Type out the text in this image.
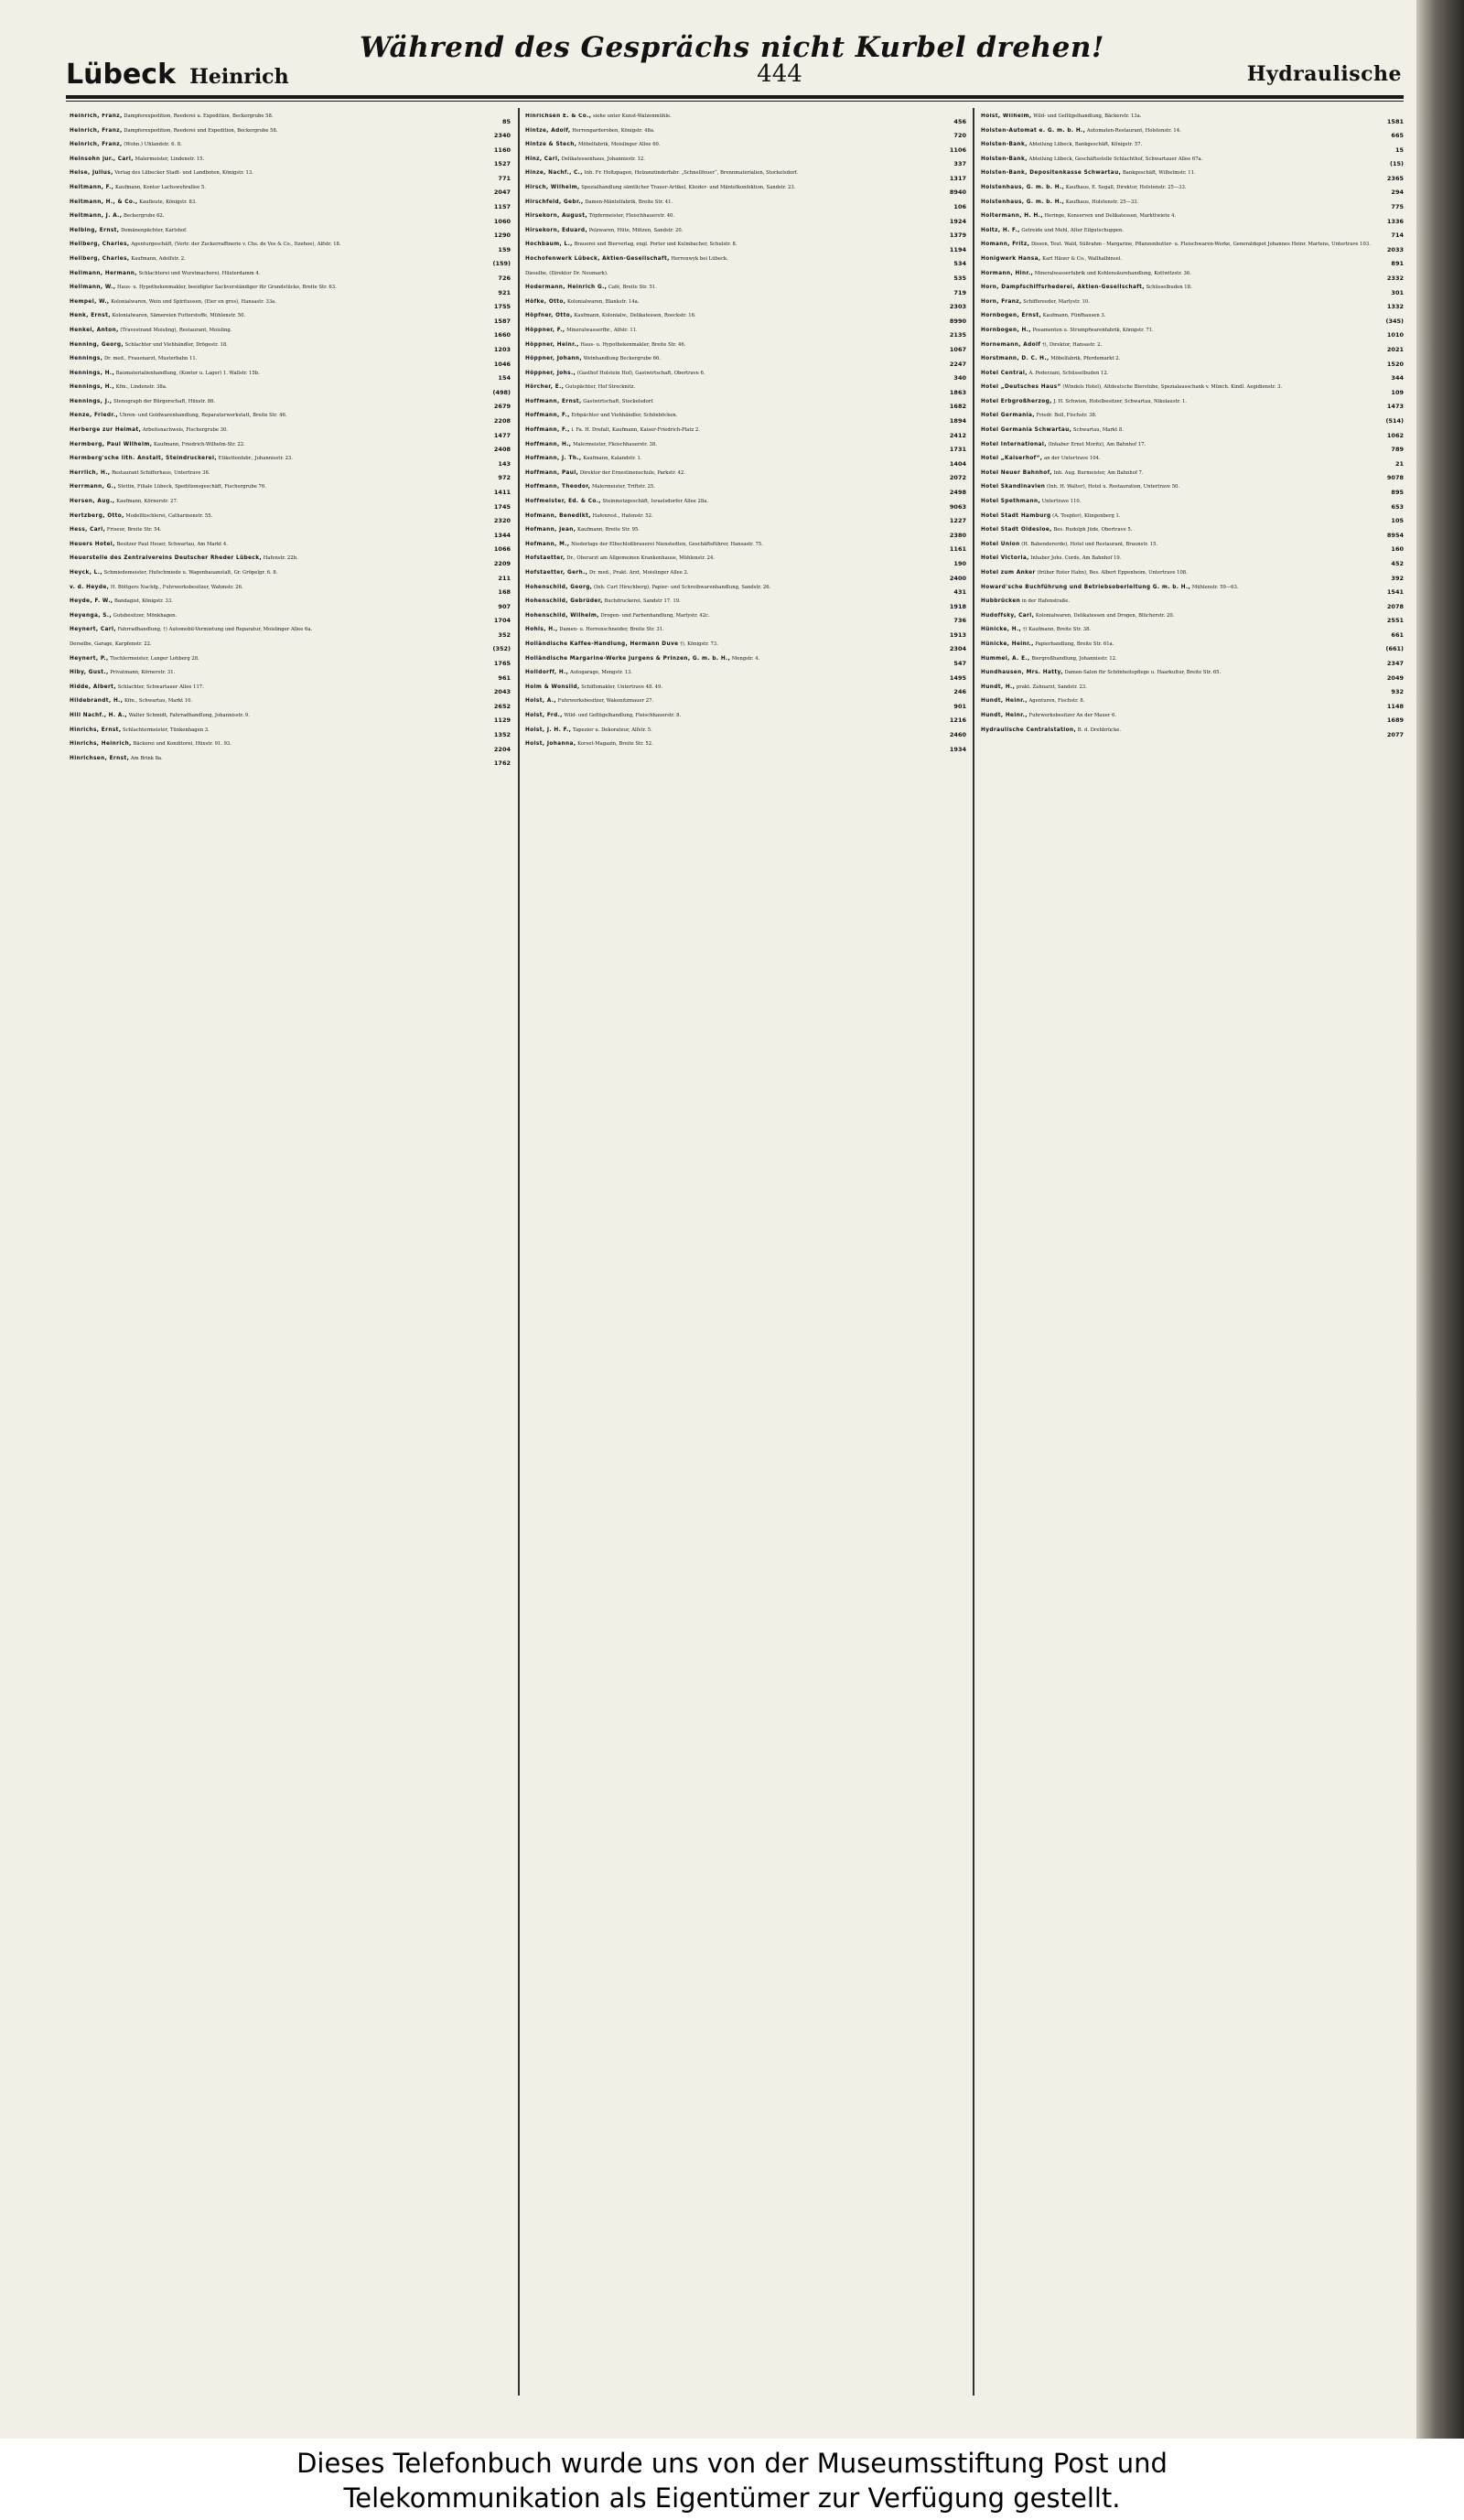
Während des Gesprächs nicht Kurbel drehen!
Lübeck Heinrich	444	Hydraulische
Heinrich, Franz, Dampferexpedition, Reederei u. Expedition, Beckergrube 58.
85
Heinrich, Franz, Dampferexpedition, Reederei und Expedition, Beckergrube 58.
2340
Heinrich, Franz, (Wohn.) Uhlandstr. 6. 8.
1160
Heinsohn jur., Carl, Malermeister, Lindenstr. 15.
1527
Heise, Julius, Verlag des Lübecker Stadt- und Landboten, Königstr. 13.
771
Heitmann, F., Kaufmann, Kontor Lachswehrallee 5.
2047
Heitmann, H., & Co., Kaufleute, Königstr. 83.
1157
Heitmann, J. A., Beckergrube 62.
1060
Helbing, Ernst, Domänenpächter, Karlshof.
1290
Hellberg, Charles, Agenturgeschäft, (Vertr. der Zuckerraffinerie v. Chs. de Vos & Co., Itzehoe), Alfstr. 18.
159
Hellberg, Charles, Kaufmann, Adolfstr. 2.
(159)
Hellmann, Hermann, Schlachterei und Wurstmacherei, Hüxterdamm 4.
726
Hellmann, W., Haus- u. Hypothekenmakler, beeidigter Sachverständiger für Grundstücke, Breite Str. 63.
921
Hempel, W., Kolonialwaren, Wein und Spirituosen, (Eier en gros), Hansastr. 33a.
1755
Henk, Ernst, Kolonialwaren, Sämereien Futterstoffe, Mühlenstr. 50.
1587
Henkel, Anton, (Travestrand Moisling), Restaurant, Moisling.
1660
Henning, Georg, Schlachter und Viehhändler, Drögestr. 18.
1203
Hennings, Dr. med., Frauenarzt, Musterbahn 11.
1046
Hennings, H., Baumaterialienhandlung, (Kontor u. Lager) 1. Wallstr. 15b.
154
Hennings, H., Kfm., Lindenstr. 38a.
(498)
Hennings, J., Stenograph der Bürgerschaft, Hüxstr. 86.
2679
Henze, Friedr., Uhren- und Goldwarenhandlung, Reparaturwerkstatt, Breite Str. 46.
2208
Herberge zur Heimat, Arbeitsnachweis, Fischergrube 30.
1477
Hermberg, Paul Wilhelm, Kaufmann, Friedrich-Wilhelm-Str. 22.
2408
Hermberg'sche lith. Anstalt, Steindruckerei, Etikettenfabr., Johannisstr. 23.
143
Herrlich, H., Restaurant Schifferhaus, Untertrave 36.
972
Herrmann, G., Stettin, Filiale Lübeck, Speditionsgeschäft, Fischergrube 76.
1411
Hersen, Aug., Kaufmann, Körnerstr. 27.
1745
Hertzberg, Otto, Modelltischlerei, Catharinenstr. 55.
2320
Hess, Carl, Friseur, Breite Str. 54.
1344
Heuers Hotel, Besitzer Paul Heuer, Schwartau, Am Markt 4.
1066
Heuerstelle des Zentralvereins Deutscher Rheder Lübeck, Hafenstr. 22b.
2209
Heyck, L., Schmiedemeister, Hufschmiede u. Wagenbauanstalt, Gr. Gröpelgr. 6. 8.
211
v. d. Heyde, H. Böttgers Nachfg., Fuhrwerksbesitzer, Wahmstr. 26.
168
Heyde, F. W., Bandagist, Königstr. 33.
907
Heyenga, S., Gutsbesitzer, Mönkhagen.
1704
Heynert, Carl, Fahrradhandlung, †) Automobil-Vermietung und Reparatur, Moislinger Allee 6a.
352
Derselbe, Garage, Karpfenstr. 22.
(352)
Heynert, P., Tischlermeister, Langer Lohberg 28.
1765
Hiby, Gust., Privatmann, Körnerstr. 31.
961
Hidde, Albert, Schlachter, Schwartauer Allee 117.
2043
Hildebrandt, H., Kfm., Schwartau, Markt 10.
2652
Hill Nachf., H. A., Walter Schmidt, Fahrradhandlung, Johannisstr. 9.
1129
Hinrichs, Ernst, Schlachtermeister, Tünkenhagen 3.
1352
Hinrichs, Heinrich, Bäckerei und Konditorei, Hüxstr. 91. 93.
2204
Hinrichsen, Ernst, Am Brink 8a.
1762
Hinrichsen E. & Co., siehe unter Kunst-Walzenmühle.
456
Hintze, Adolf, Herrengarderoben, Königstr. 48a.
720
Hintze & Stech, Möbelfabrik, Moislinger Allee 60.
1106
Hinz, Carl, Delikatessenhaus, Johannisstr. 12.
337
Hinze, Nachf., C., Inh. Fr. Holtzpagen, Holzanzünderfabr. „Schnellfeuer“, Brennmaterialien, Stockelsdorf.
1317
Hirsch, Wilhelm, Spezialhandlung sämtlicher Trauer-Artikel, Kleider- und Mäntelkonfektion, Sandstr. 23.
8940
Hirschfeld, Gebr., Damen-Mäntelfabrik, Breite Str. 41.
106
Hirsekorn, August, Töpfermeister, Fleischhauerstr. 40.
1924
Hirsekorn, Eduard, Pelzwaren, Hüte, Mützen, Sandstr. 20.
1379
Hochbaum, L., Brauerei und Bierverlag, engl. Porter und Kulmbacher, Schulstr. 8.
1194
Hochofenwerk Lübeck, Aktien-Gesellschaft, Herrenwyk bei Lübeck.
534
Dieselbe, (Direktor Dr. Neumark).
535
Hodermann, Heinrich G., Café, Breite Str. 51.
719
Höfke, Otto, Kolonialwaren, Blankstr. 14a.
2303
Höpfner, Otto, Kaufmann, Kolonialw., Delikatessen, Roeckstr. 16.
8990
Höppner, F., Mineralwasserfbr., Alfstr. 11.
2135
Höppner, Heinr., Haus- u. Hypothekenmakler, Breite Str. 46.
1067
Höppner, Johann, Weinhandlung Beckergrube 66.
2247
Höppner, Johs., (Gasthof Holstein Hof), Gastwirtschaft, Obertrave 6.
340
Hörcher, E., Gutspächter, Hof Strecknitz.
1863
Hoffmann, Ernst, Gastwirtschaft, Stockelsdorf.
1682
Hoffmann, F., Erbpächter und Viehhändler, Schönböcken.
1894
Hoffmann, F., i. Fa. H. Drefalt, Kaufmann, Kaiser-Friedrich-Platz 2.
2412
Hoffmann, H., Malermeister, Fleischhauerstr. 38.
1731
Hoffmann, J. Th., Kaufmann, Kalandstr. 1.
1404
Hoffmann, Paul, Direktor der Ernestinenschule, Parkstr. 42.
2072
Hoffmann, Theodor, Malermeister, Triftstr. 25.
2498
Hoffmeister, Ed. & Co., Steinmetzgeschäft, Israelsdorfer Allee 28a.
9063
Hofmann, Benedikt, Hafenrest., Hafenstr. 52.
1227
Hofmann, Jean, Kaufmann, Breite Str. 95.
2380
Hofmann, M., Niederlage der Elbschloßbrauerei Nienstedten, Geschäftsführer, Hansastr. 75.
1161
Hofstaetter, Dr., Oberarzt am Allgemeinen Krankenhause, Mühlenstr. 24.
190
Hofstaetter, Gerh., Dr. med., Prakt. Arzt, Moislinger Allee 2.
2400
Hohenschild, Georg, (Inh. Curt Hirschberg), Papier- und Schreibwarenhandlung, Sandstr. 26.
431
Hohenschild, Gebrüder, Buchdruckerei, Sandstr 17. 19.
1918
Hohenschild, Wilhelm, Drogen- und Farbenhandlung, Marlystr. 42c.
736
Hohls, H., Damen- u. Herrenschneider, Breite Str. 31.
1913
Holländische Kaffee-Handlung, Hermann Duve †), Königstr. 73.
2304
Holländische Margarine-Werke Jurgens & Prinzen, G. m. b. H., Mengstr. 4.
547
Holldorff, H., Autogarage, Mengstr. 13.
1495
Holm & Wonsild, Schiffsmakler, Untertrave 48. 49.
246
Holst, A., Fuhrwerksbesitzer, Wakenitzmauer 27.
901
Holst, Frd., Wild- und Geflügelhandlung, Fleischhauerstr. 8.
1216
Holst, J. H. F., Tapezier u. Dekorateur, Alfstr. 5.
2460
Holst, Johanna, Korset-Magazin, Breite Str. 52.
1934
Holst, Wilhelm, Wild- und Geflügelhandlung, Bäckerstr. 13a.
1581
Holsten-Automat e. G. m. b. H., Automaten-Restaurant, Holstenstr. 14.
665
Holsten-Bank, Abteilung Lübeck, Bankgeschäft, Königstr. 57.
15
Holsten-Bank, Abteilung Lübeck, Geschäftsstelle Schlachthof, Schwartauer Allee 67a.
(15)
Holsten-Bank, Depositenkasse Schwartau, Bankgeschäft, Wilhelmstr. 11.
2365
Holstenhaus, G. m. b. H., Kaufhaus, E. Segall, Direktor, Holstenstr. 25—33.
294
Holstenhaus, G. m. b. H., Kaufhaus, Holstenstr. 25—33.
775
Holtermann, H. H., Heringe, Konserven und Delikatessen, Markttwiete 4.
1336
Holtz, H. F., Getreide und Mehl, Alter Eilgutschuppen.
714
Homann, Fritz, Dissen, Teut. Wald, Süßrahm - Margarine, Pflanzenbutter- u. Fleischwaren-Werke, Generaldepot Johannes Heinr. Martens, Untertrave 103.
2033
Honigwerk Hansa, Karl Häuer & Co., Wallhalbinsel.
891
Hormann, Hinr., Mineralwasserfabrik und Kohlensäurehandlung, Kottwitzstr. 36.
2332
Horn, Dampfschiffsrhederei, Aktien-Gesellschaft, Schüsselbuden 18.
301
Horn, Franz, Schiffsreeder, Marlystr. 10.
1332
Hornbogen, Ernst, Kaufmann, Fünfhausen 3.
(345)
Hornbogen, H., Posamenten u. Strumpfwarenfabrik, Königstr. 71.
1010
Hornemann, Adolf †), Direktor, Hansastr. 2.
2021
Horstmann, D. C. H., Möbelfabrik, Pferdemarkt 2.
1520
Hotel Central, A. Pederzani, Schüsselbuden 12.
344
Hotel „Deutsches Haus“ (Windels Hotel), Altdeutsche Bierstube, Spezialausschank v. Münch. Kindl. Aegidienstr. 3.
109
Hotel Erbgroßherzog, J. H. Schwien, Hotelbesitzer, Schwartau, Nikolaustr. 1.
1473
Hotel Germania, Friedr. Boll, Fischstr. 38.
(514)
Hotel Germania Schwartau, Schwartau, Markt 8.
1062
Hotel International, (Inhaber Ernst Moritz), Am Bahnhof 17.
789
Hotel „Kaiserhof“, an der Untertrave 104.
21
Hotel Neuer Bahnhof, Inh. Aug. Burmeister, Am Bahnhof 7.
9078
Hotel Skandinavien (Inh. H. Walter), Hotel u. Restauration, Untertrave 50.
895
Hotel Spethmann, Untertrave 110.
653
Hotel Stadt Hamburg (A. Toepfer), Klingenberg 1.
105
Hotel Stadt Oldesloe, Bes. Rudolph Jüde, Obertrave 5.
8954
Hotel Union (H. Babendererde), Hotel und Restaurant, Braunstr. 15.
160
Hotel Victoria, Inhaber Johs. Cords, Am Bahnhof 19.
452
Hotel zum Anker (früher Roter Hahn), Bes. Albert Eppenheim, Untertrave 108.
392
Howard'sche Buchführung und Betriebsoberleitung G. m. b. H., Mühlenstr. 59—63.
1541
Hubbrücken in der Hafenstraße.
2078
Hudoffsky, Carl, Kolonialwaren, Delikatessen und Drogen, Blücherstr. 20.
2551
Hünicke, H., †) Kaufmann, Breite Str. 38.
661
Hünicke, Heinr., Papierhandlung, Breite Str. 61a.
(661)
Hummel, A. E., Biergroßhandlung, Johannisstr. 12.
2347
Hundhausen, Mrs. Hatty, Damen-Salon für Schönheitspflege u. Haarkultur, Breite Str. 65.
2049
Hundt, H., prakt. Zahnarzt, Sandstr. 23.
932
Hundt, Heinr., Agenturen, Fischstr. 8.
1148
Hundt, Heinr., Fuhrwerksbesitzer An der Mauer 6.
1689
Hydraulische Centralstation, B. d. Drehbrücke.
2077
Dieses Telefonbuch wurde uns von der Museumsstiftung Post und
Telekommunikation als Eigentümer zur Verfügung gestellt.
